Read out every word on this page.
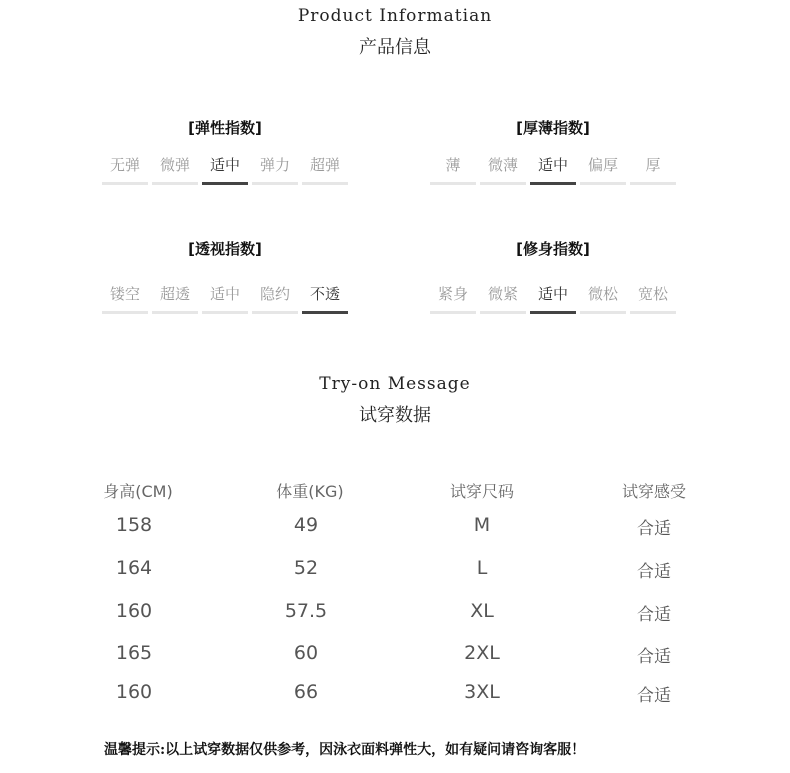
Product Informatian
产品信息
[弹性指数]
无弹	微弹	适中	弹力	超弹
[厚薄指数]
薄	微薄	适中	偏厚	厚
[透视指数]
镂空	超透	适中	隐约	不透
[修身指数]
紧身	微紧	适中	微松	宽松
Try-on Message
试穿数据
身高(CM)	体重(KG)	试穿尺码	试穿感受
158	49	M	合适
164	52	L	合适
160	57.5	XL	合适
165	60	2XL	合适
160	66	3XL	合适
温馨提示:以上试穿数据仅供参考，因泳衣面料弹性大，如有疑问请咨询客服！
